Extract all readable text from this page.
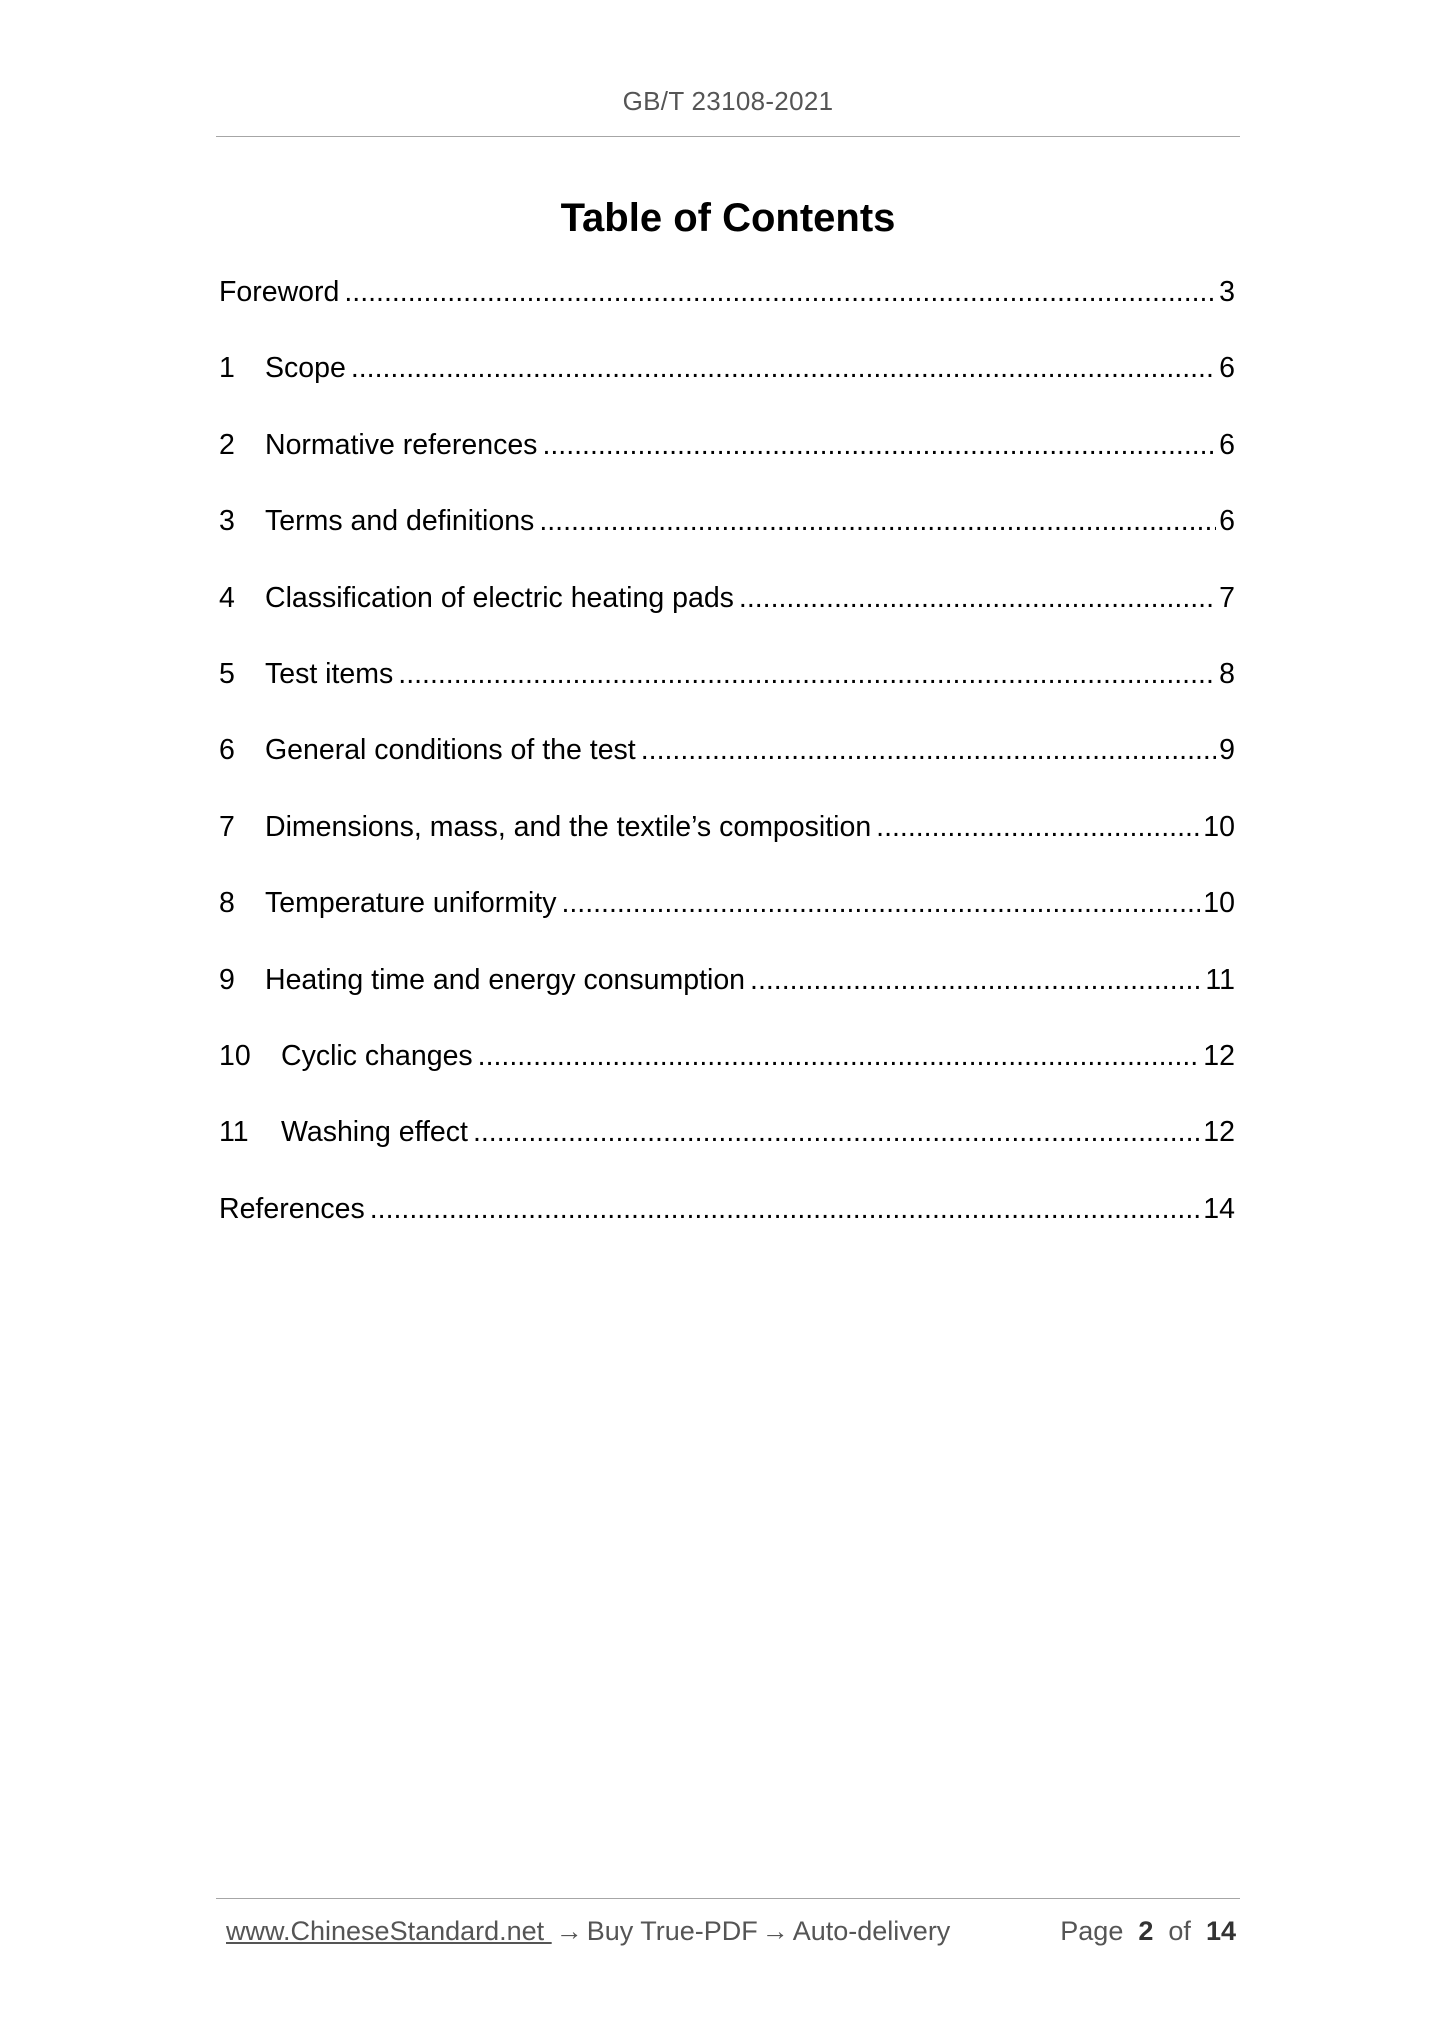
GB/T 23108-2021
Table of Contents
Foreword .....	3
1	Scope .....	6
2	Normative references .....	6
3	Terms and definitions .....	6
4	Classification of electric heating pads .....	7
5	Test items .....	8
6	General conditions of the test .....	9
7	Dimensions, mass, and the textile’s composition .....	10
8	Temperature uniformity .....	10
9	Heating time and energy consumption .....	11
10	Cyclic changes .....	12
11	Washing effect .....	12
References .....	14
www.ChineseStandard.net → Buy True-PDF → Auto-delivery	Page 2 of 14
